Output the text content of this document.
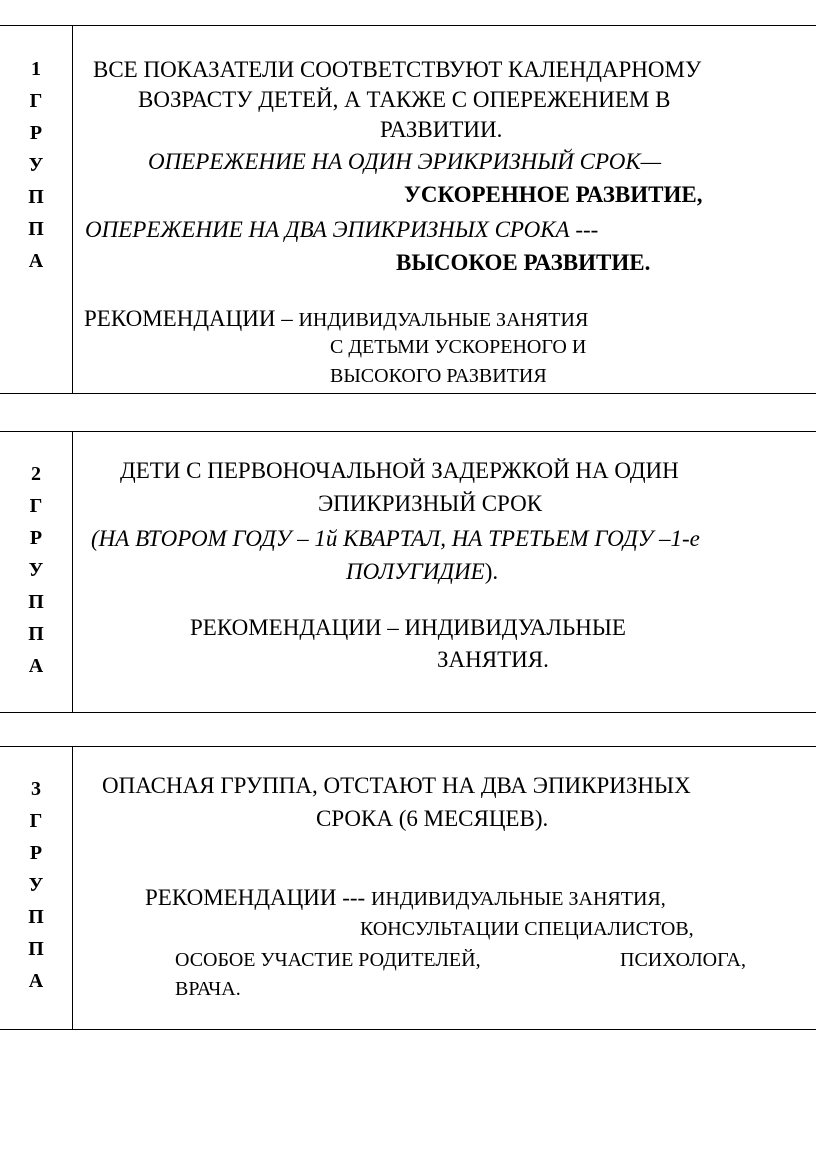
1
Г
Р
У
П
П
А
ВСЕ ПОКАЗАТЕЛИ СООТВЕТСТВУЮТ КАЛЕНДАРНОМУ
ВОЗРАСТУ ДЕТЕЙ, А ТАКЖЕ С ОПЕРЕЖЕНИЕМ В
РАЗВИТИИ.
ОПЕРЕЖЕНИЕ НА ОДИН ЭРИКРИЗНЫЙ СРОК—
УСКОРЕННОЕ РАЗВИТИЕ,
ОПЕРЕЖЕНИЕ НА ДВА ЭПИКРИЗНЫХ СРОКА ---
ВЫСОКОЕ РАЗВИТИЕ.
РЕКОМЕНДАЦИИ – ИНДИВИДУАЛЬНЫЕ ЗАНЯТИЯ
С ДЕТЬМИ УСКОРЕНОГО И
ВЫСОКОГО РАЗВИТИЯ
2
Г
Р
У
П
П
А
ДЕТИ С ПЕРВОНОЧАЛЬНОЙ ЗАДЕРЖКОЙ НА ОДИН
ЭПИКРИЗНЫЙ СРОК
(НА ВТОРОМ ГОДУ – 1й КВАРТАЛ, НА ТРЕТЬЕМ ГОДУ –1-е
ПОЛУГИДИЕ).
РЕКОМЕНДАЦИИ – ИНДИВИДУАЛЬНЫЕ
ЗАНЯТИЯ.
3
Г
Р
У
П
П
А
ОПАСНАЯ ГРУППА, ОТСТАЮТ НА ДВА ЭПИКРИЗНЫХ
СРОКА (6 МЕСЯЦЕВ).
РЕКОМЕНДАЦИИ --- ИНДИВИДУАЛЬНЫЕ ЗАНЯТИЯ,
КОНСУЛЬТАЦИИ СПЕЦИАЛИСТОВ,
ОСОБОЕ УЧАСТИЕ РОДИТЕЛЕЙ,	ПСИХОЛОГА,
ВРАЧА.
